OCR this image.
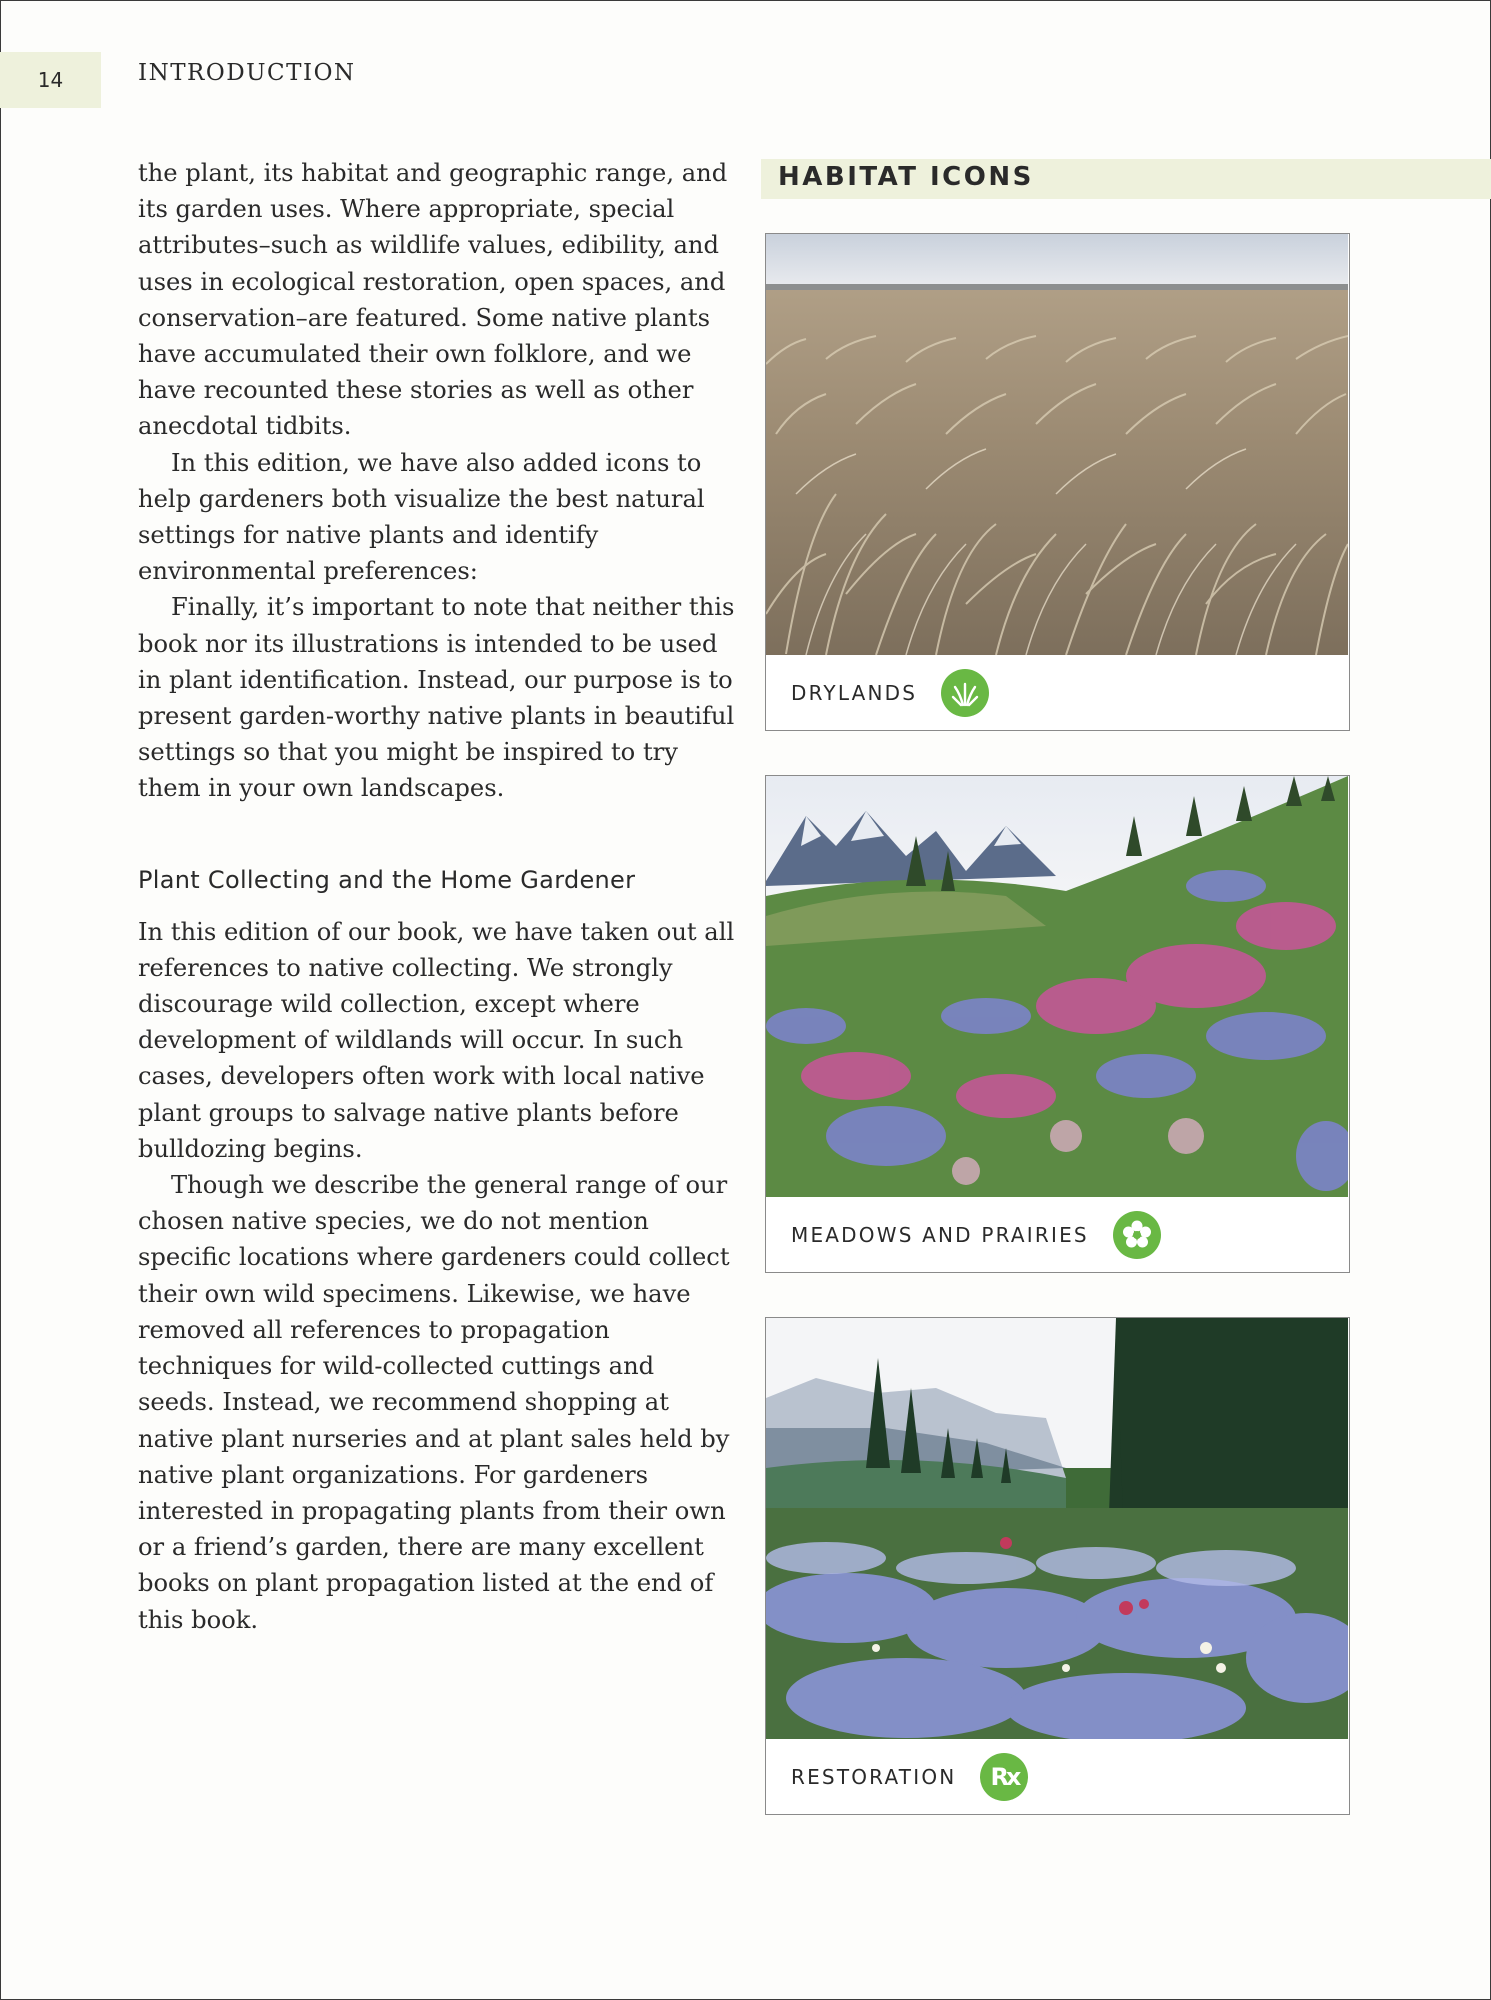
14	INTRODUCTION

the plant, its habitat and geographic range, and its garden uses. Where appropriate, special attributes–such as wildlife values, edibility, and uses in ecological restoration, open spaces, and conservation–are featured. Some native plants have accumulated their own folklore, and we have recounted these stories as well as other anecdotal tidbits.

In this edition, we have also added icons to help gardeners both visualize the best natural settings for native plants and identify environmental preferences:

Finally, it’s important to note that neither this book nor its illustrations is intended to be used in plant identification. Instead, our purpose is to present garden-worthy native plants in beautiful settings so that you might be inspired to try them in your own landscapes.

Plant Collecting and the Home Gardener

In this edition of our book, we have taken out all references to native collecting. We strongly discourage wild collection, except where development of wildlands will occur. In such cases, developers often work with local native plant groups to salvage native plants before bulldozing begins.

Though we describe the general range of our chosen native species, we do not mention specific locations where gardeners could collect their own wild specimens. Likewise, we have removed all references to propagation techniques for wild-collected cuttings and seeds. Instead, we recommend shopping at native plant nurseries and at plant sales held by native plant organizations. For gardeners interested in propagating plants from their own or a friend’s garden, there are many excellent books on plant propagation listed at the end of this book.

HABITAT ICONS
DRYLANDS
MEADOWS AND PRAIRIES
RESTORATION Rx
